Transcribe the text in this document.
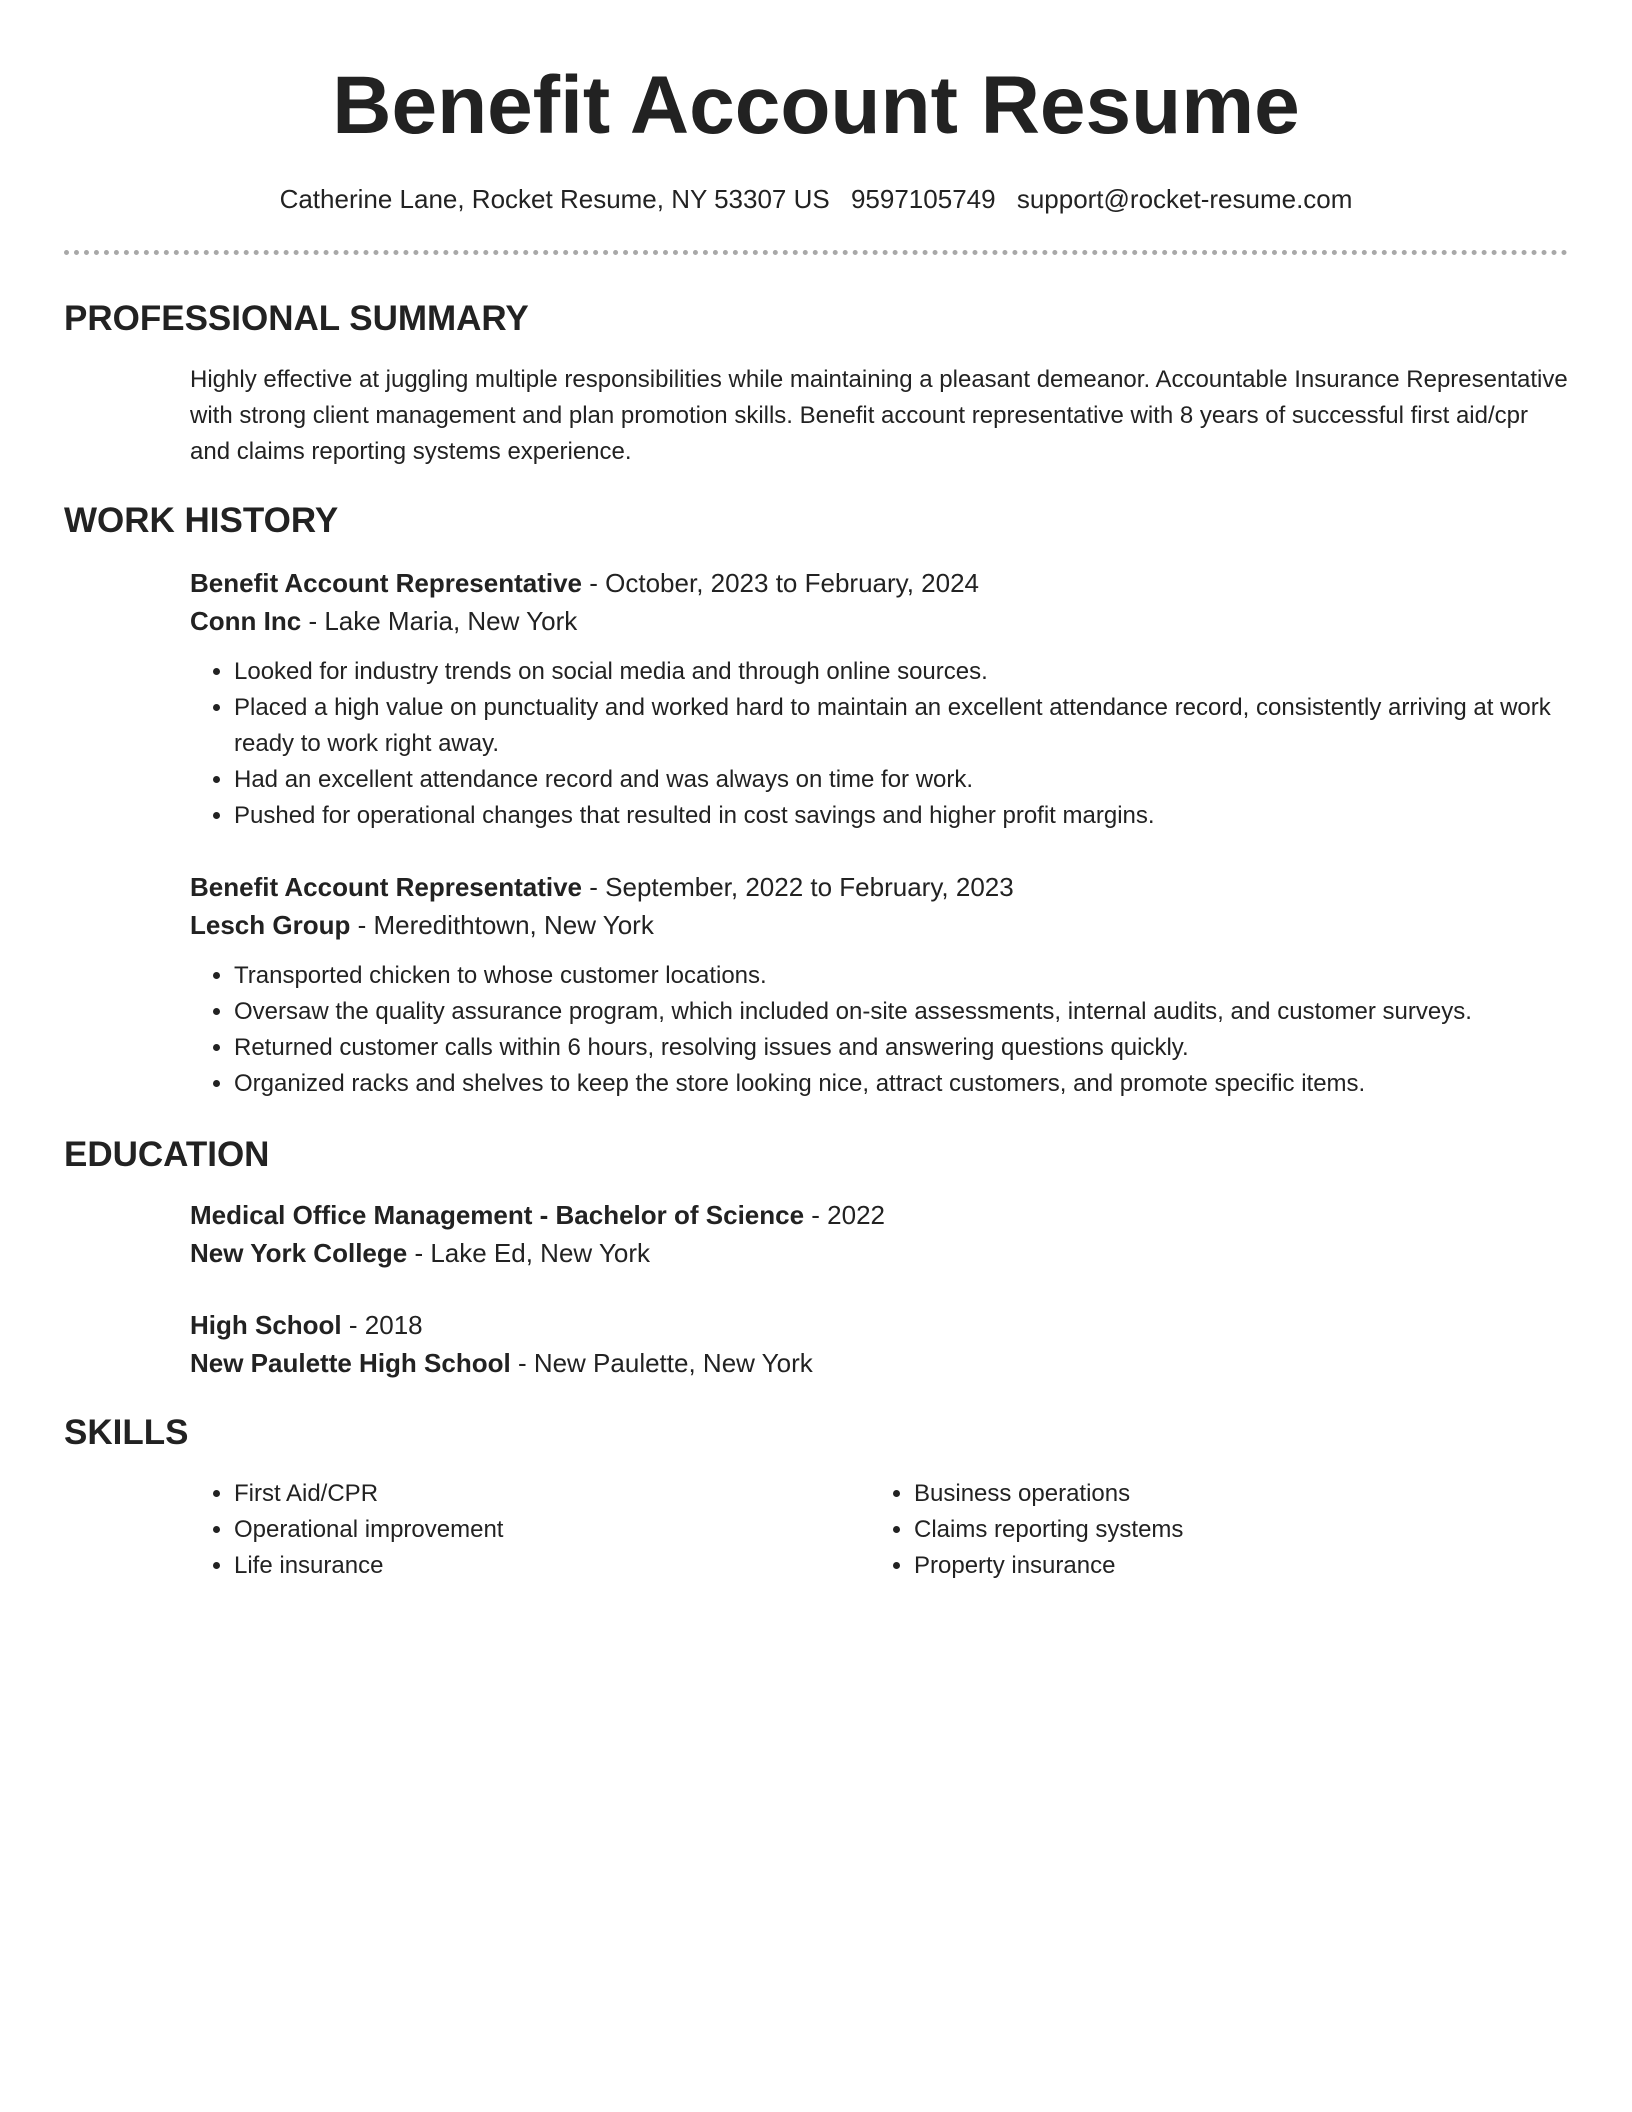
Benefit Account Resume
Catherine Lane, Rocket Resume, NY 53307 US 9597105749 support@rocket-resume.com
PROFESSIONAL SUMMARY

Highly effective at juggling multiple responsibilities while maintaining a pleasant demeanor. Accountable Insurance Representative with strong client management and plan promotion skills. Benefit account representative with 8 years of successful first aid/cpr and claims reporting systems experience.

WORK HISTORY

Benefit Account Representative - October, 2023 to February, 2024

Conn Inc - Lake Maria, New York

• Looked for industry trends on social media and through online sources.
• Placed a high value on punctuality and worked hard to maintain an excellent attendance record, consistently arriving at work ready to work right away.
• Had an excellent attendance record and was always on time for work.
• Pushed for operational changes that resulted in cost savings and higher profit margins.

Benefit Account Representative - September, 2022 to February, 2023

Lesch Group - Meredithtown, New York

• Transported chicken to whose customer locations.
• Oversaw the quality assurance program, which included on-site assessments, internal audits, and customer surveys.
• Returned customer calls within 6 hours, resolving issues and answering questions quickly.
• Organized racks and shelves to keep the store looking nice, attract customers, and promote specific items.
EDUCATION

Medical Office Management - Bachelor of Science - 2022

New York College - Lake Ed, New York

High School - 2018

New Paulette High School - New Paulette, New York

SKILLS
• First Aid/CPR
• Operational improvement
• Life insurance
• Business operations
• Claims reporting systems
• Property insurance
